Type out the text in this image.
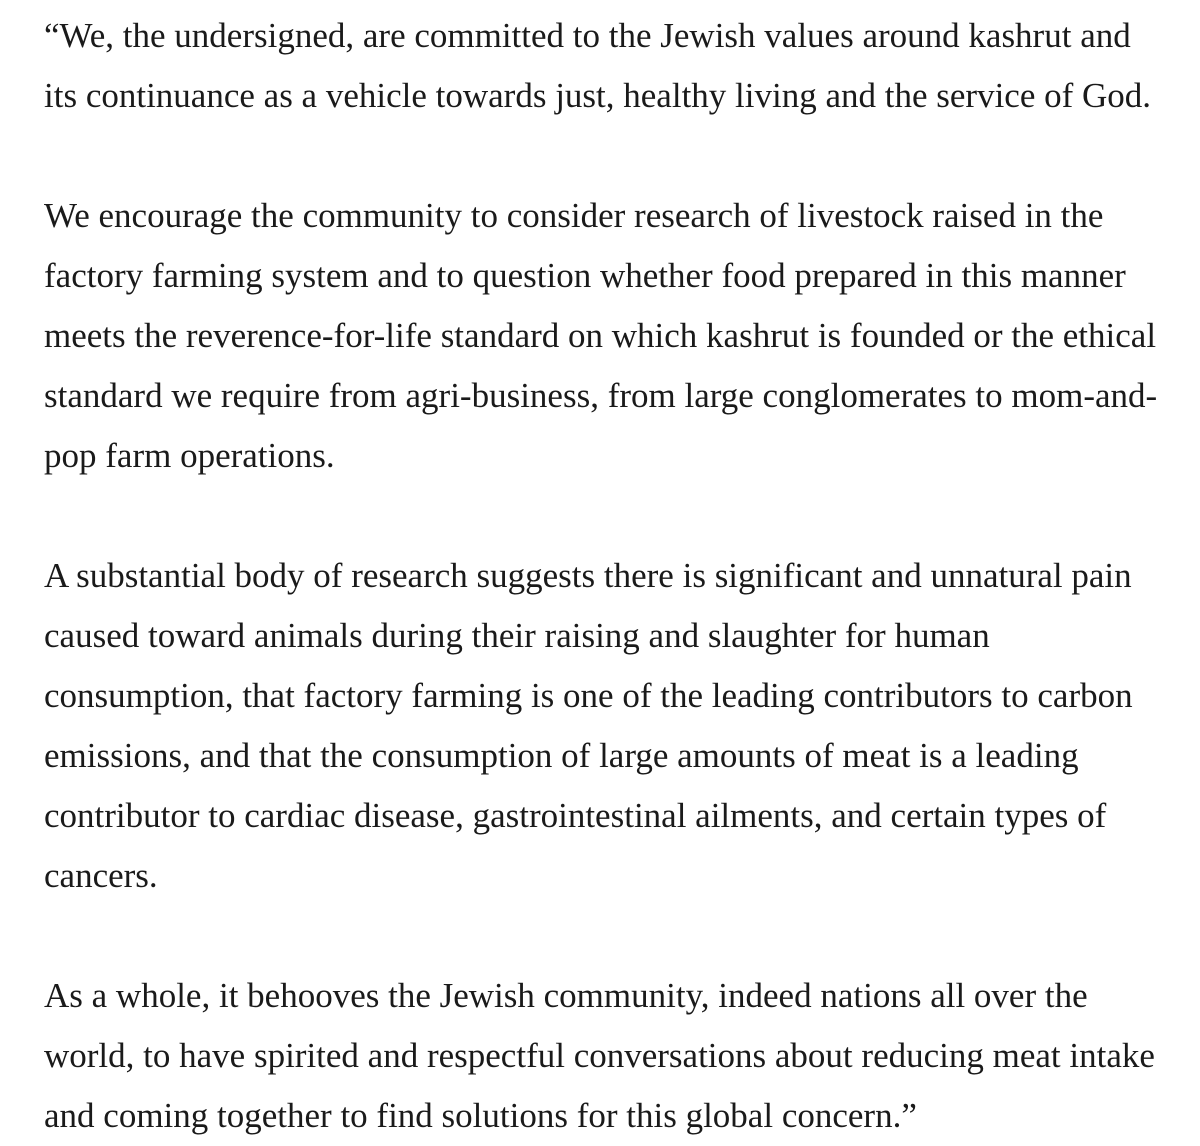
“We, the undersigned, are committed to the Jewish values around kashrut and
its continuance as a vehicle towards just, healthy living and the service of God.

We encourage the community to consider research of livestock raised in the
factory farming system and to question whether food prepared in this manner
meets the reverence-for-life standard on which kashrut is founded or the ethical
standard we require from agri-business, from large conglomerates to mom-and-
pop farm operations.

A substantial body of research suggests there is significant and unnatural pain
caused toward animals during their raising and slaughter for human
consumption, that factory farming is one of the leading contributors to carbon
emissions, and that the consumption of large amounts of meat is a leading
contributor to cardiac disease, gastrointestinal ailments, and certain types of
cancers.

As a whole, it behooves the Jewish community, indeed nations all over the
world, to have spirited and respectful conversations about reducing meat intake
and coming together to find solutions for this global concern.”
